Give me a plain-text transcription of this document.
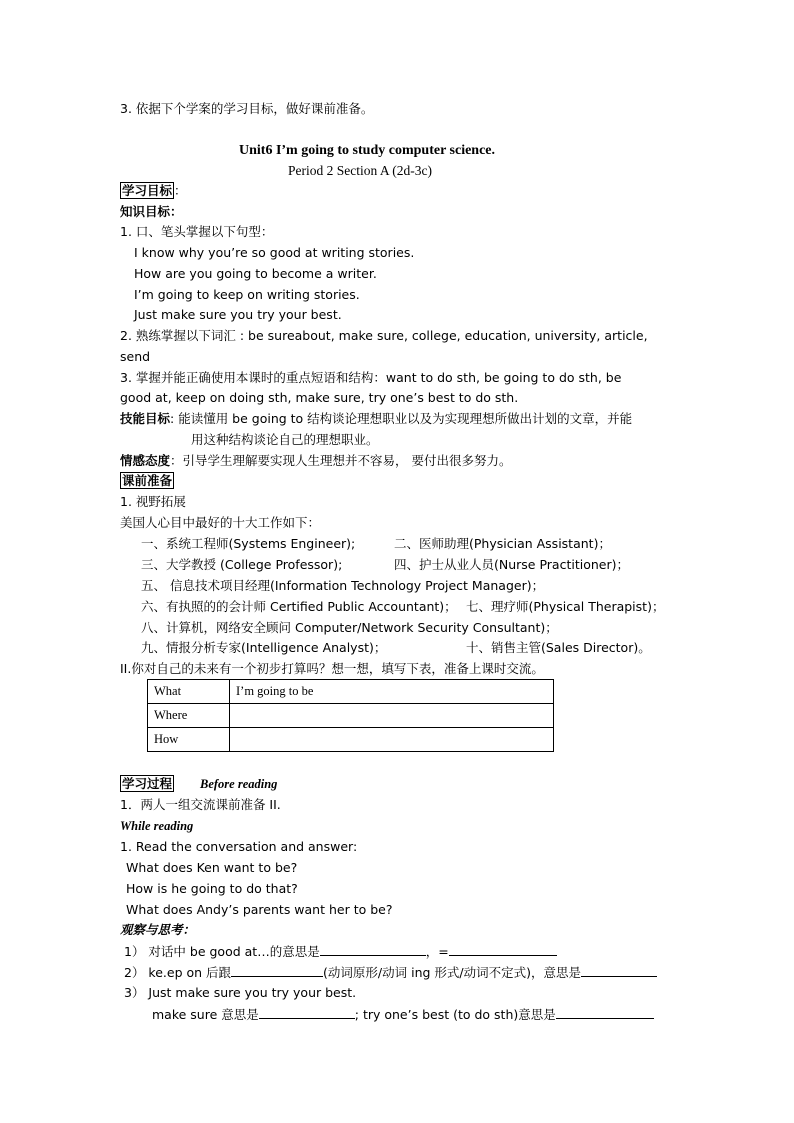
3. 依据下个学案的学习目标，做好课前准备。
Unit6 I’m going to study computer science.
Period 2 Section A (2d-3c)
学习目标 ：
知识目标：
1. 口、笔头掌握以下句型：
I know why you’re so good at writing stories.
How are you going to become a writer.
I’m going to keep on writing stories.
Just make sure you try your best.
2. 熟练掌握以下词汇 : be sureabout, make sure, college, education, university, article,
send
3. 掌握并能正确使用本课时的重点短语和结构：want to do sth, be going to do sth, be
good at, keep on doing sth, make sure, try one’s best to do sth.
技能目标: 能读懂用 be going to 结构谈论理想职业以及为实现理想所做出计划的文章，并能
用这种结构谈论自己的理想职业。
情感态度：引导学生理解要实现人生理想并不容易， 要付出很多努力。
课前准备
1. 视野拓展
美国人心目中最好的十大工作如下：
一、系统工程师(Systems Engineer);	二、医师助理(Physician Assistant)；
三、大学教授 (College Professor);	四、护士从业人员(Nurse Practitioner)；
五、 信息技术项目经理(Information Technology Project Manager)；
六、有执照的的会计师 Certified Public Accountant)； 七、理疗师(Physical Therapist)；
八、计算机，网络安全顾问 Computer/Network Security Consultant)；
九、情报分析专家(Intelligence Analyst)；	十、销售主管(Sales Director)。
II.你对自己的未来有一个初步打算吗？想一想，填写下表，准备上课时交流。
What	I’m going to be
Where	
How	
学习过程 Before reading
1．两人一组交流课前准备 II.
While reading
1. Read the conversation and answer:
What does Ken want to be?
How is he going to do that?
What does Andy’s parents want her to be?
观察与思考：
1） 对话中 be good at…的意思是	，=
2） ke.ep on 后跟	(动词原形/动词 ing 形式/动词不定式)，意思是
3） Just make sure you try your best.
make sure 意思是	; try one’s best (to do sth)意思是
